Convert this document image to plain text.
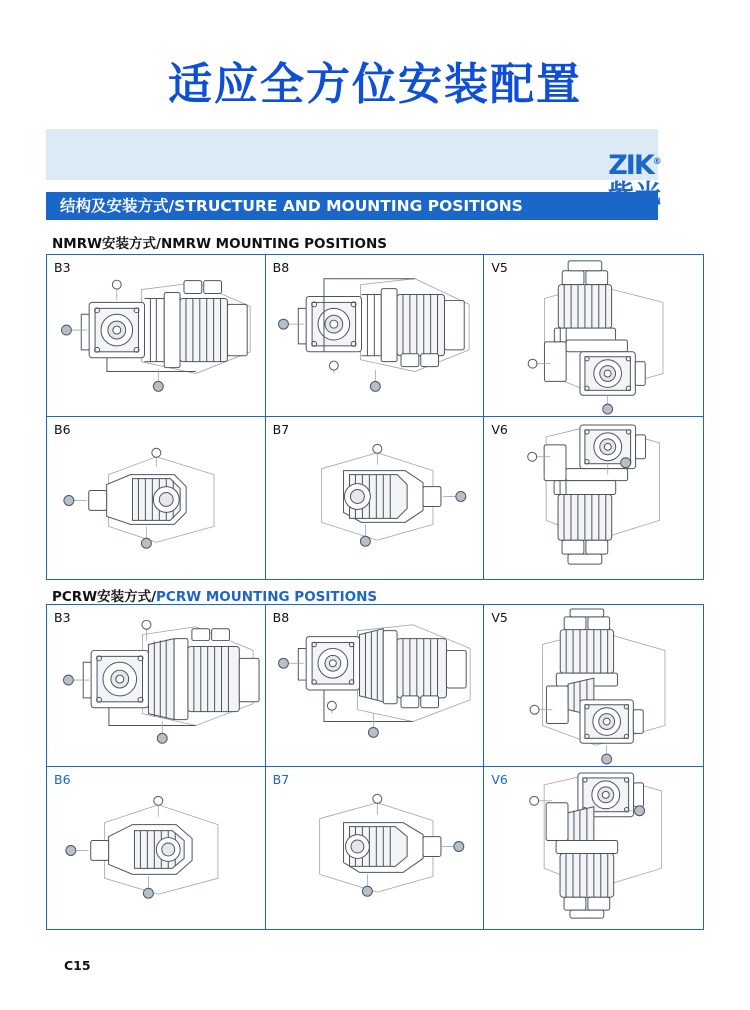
适应全方位安装配置
结构及安装方式/STRUCTURE AND MOUNTING POSITIONS
ZIK®
紫光
NMRW安装方式/NMRW MOUNTING POSITIONS
B3	B8	V5
B6	B7	V6
PCRW安装方式/PCRW MOUNTING POSITIONS
B3	B8	V5
B6	B7	V6
C15
